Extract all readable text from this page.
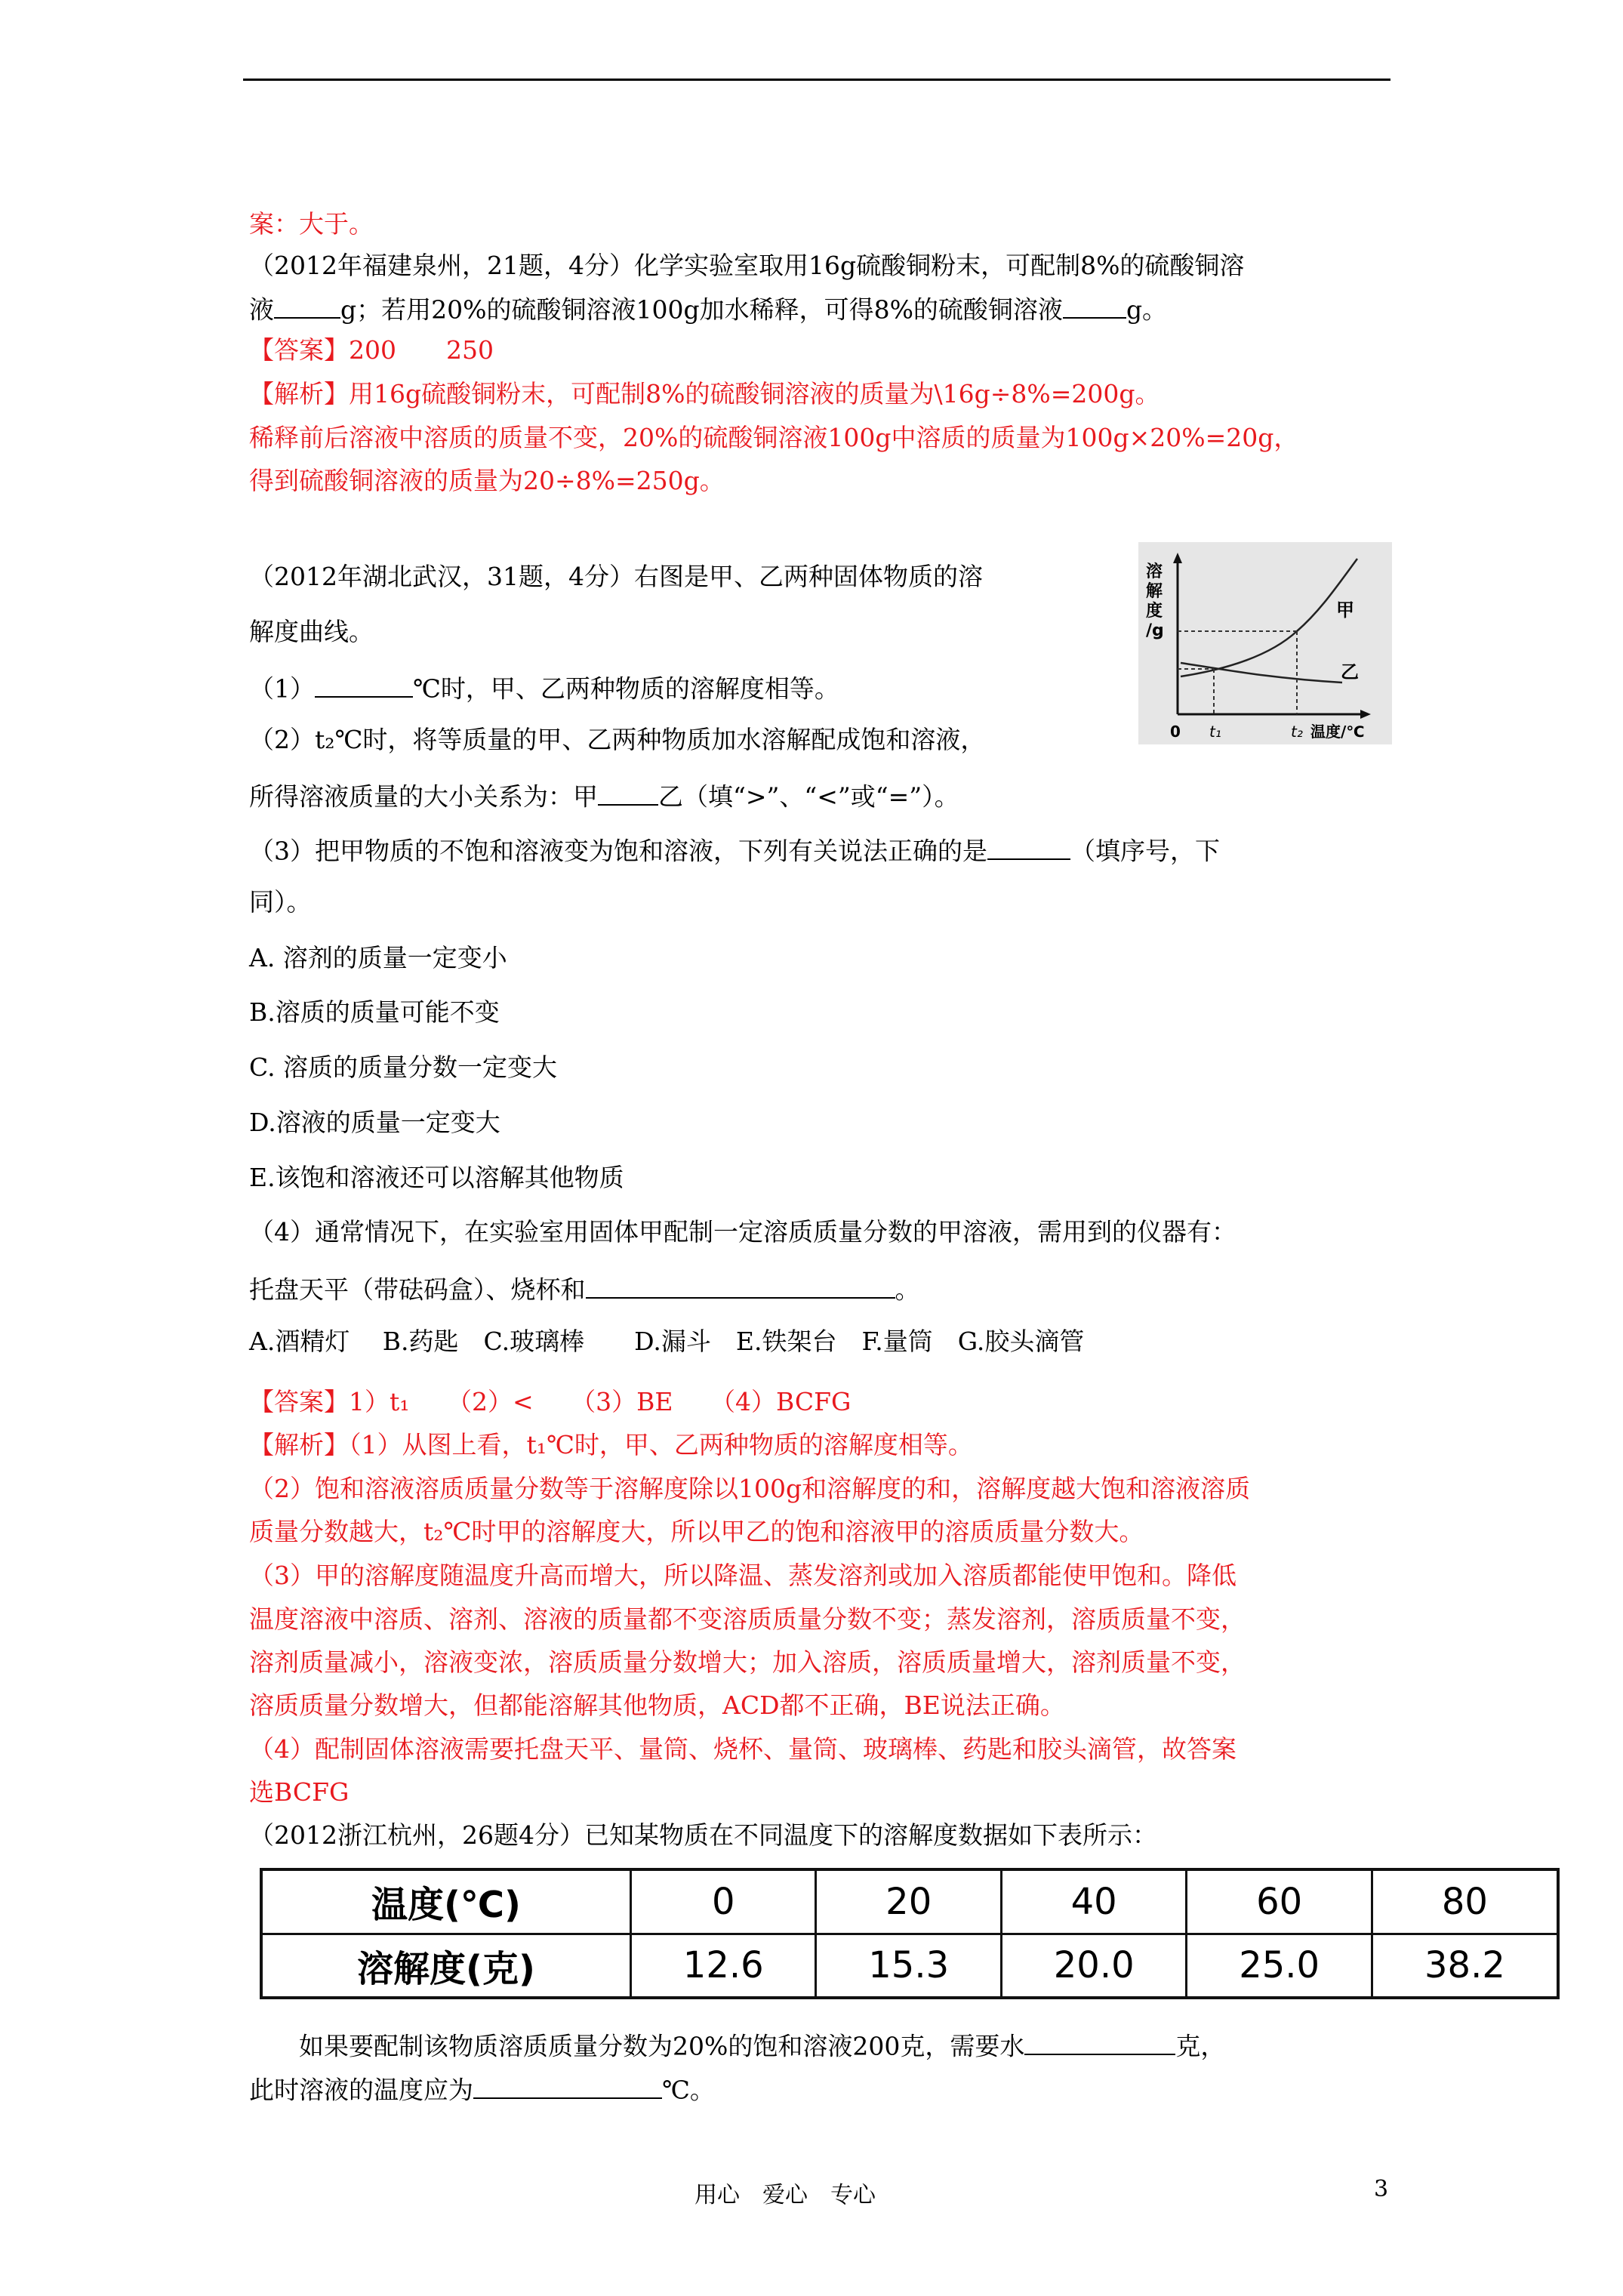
案：大于。
（2012年福建泉州，21题，4分）化学实验室取用16g硫酸铜粉末，可配制8%的硫酸铜溶
液	g；若用20%的硫酸铜溶液100g加水稀释，可得8%的硫酸铜溶液	g。
【答案】200　　250
【解析】用16g硫酸铜粉末，可配制8%的硫酸铜溶液的质量为\16g÷8%=200g。
稀释前后溶液中溶质的质量不变，20%的硫酸铜溶液100g中溶质的质量为100g×20%=20g，
得到硫酸铜溶液的质量为20÷8%=250g。
（2012年湖北武汉，31题，4分）右图是甲、乙两种固体物质的溶
解度曲线。
（1）	℃时，甲、乙两种物质的溶解度相等。
（2）t₂℃时，将等质量的甲、乙两种物质加水溶解配成饱和溶液，
所得溶液质量的大小关系为：甲 乙（填“>”、“<”或“=”）。
（3）把甲物质的不饱和溶液变为饱和溶液，下列有关说法正确的是	（填序号，下
同）。
A. 溶剂的质量一定变小
B.溶质的质量可能不变
C. 溶质的质量分数一定变大
D.溶液的质量一定变大
E.该饱和溶液还可以溶解其他物质
（4）通常情况下，在实验室用固体甲配制一定溶质质量分数的甲溶液，需用到的仪器有：
托盘天平（带砝码盒）、烧杯和	。
A.酒精灯　 B.药匙　C.玻璃棒　　D.漏斗　E.铁架台　F.量筒　G.胶头滴管
【答案】1）t₁　　（2）<　　（3）BE　　（4）BCFG
【解析】（1）从图上看，t₁℃时，甲、乙两种物质的溶解度相等。
（2）饱和溶液溶质质量分数等于溶解度除以100g和溶解度的和，溶解度越大饱和溶液溶质
质量分数越大，t₂℃时甲的溶解度大，所以甲乙的饱和溶液甲的溶质质量分数大。
（3）甲的溶解度随温度升高而增大，所以降温、蒸发溶剂或加入溶质都能使甲饱和。降低
温度溶液中溶质、溶剂、溶液的质量都不变溶质质量分数不变；蒸发溶剂，溶质质量不变，
溶剂质量减小，溶液变浓，溶质质量分数增大；加入溶质，溶质质量增大，溶剂质量不变，
溶质质量分数增大，但都能溶解其他物质，ACD都不正确，BE说法正确。
（4）配制固体溶液需要托盘天平、量筒、烧杯、量筒、玻璃棒、药匙和胶头滴管，故答案
选BCFG
（2012浙江杭州，26题4分）已知某物质在不同温度下的溶解度数据如下表所示：
　　如果要配制该物质溶质质量分数为20%的饱和溶液200克，需要水	克，
此时溶液的温度应为	℃。
溶
解
度
/g
甲
乙
0 t₁	t₂ 温度/℃
温度(℃)	0	20	40	60	80
溶解度(克)	12.6	15.3	20.0	25.0	38.2
用心　爱心　专心	3
